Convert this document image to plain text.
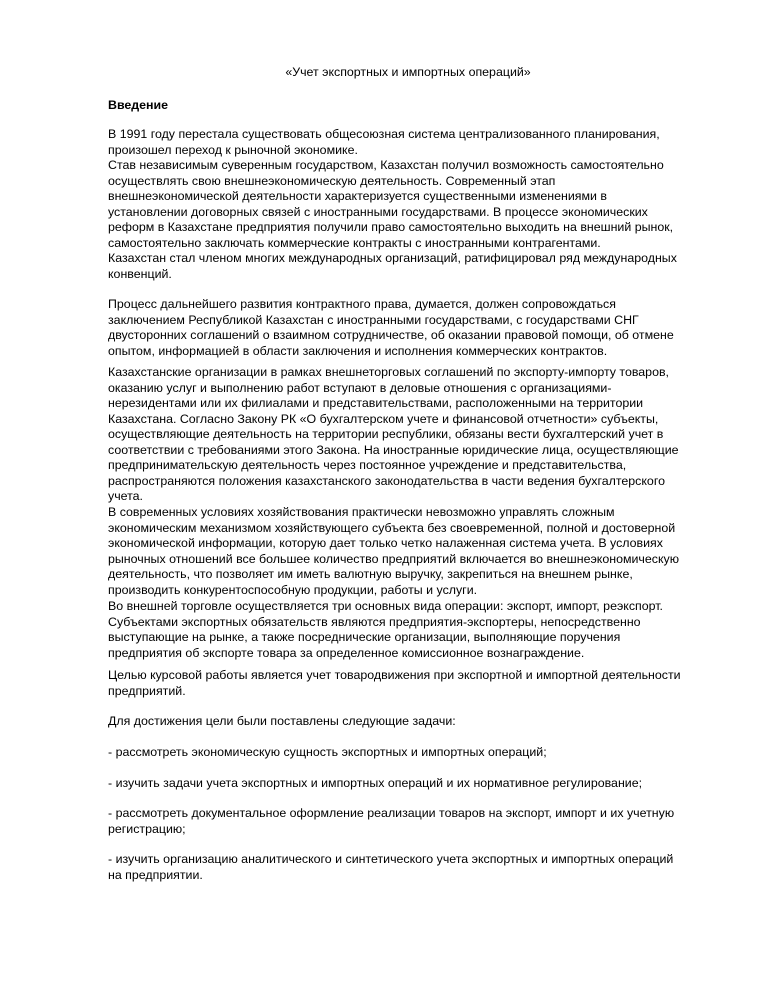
«Учет экспортных и импортных операций»
Введение

В 1991 году перестала существовать общесоюзная система централизованного планирования,
произошел переход к рыночной экономике.
Став независимым суверенным государством, Казахстан получил возможность самостоятельно
осуществлять свою внешнеэкономическую деятельность. Современный этап
внешнеэкономической деятельности характеризуется существенными изменениями в
установлении договорных связей с иностранными государствами. В процессе экономических
реформ в Казахстане предприятия получили право самостоятельно выходить на внешний рынок,
самостоятельно заключать коммерческие контракты с иностранными контрагентами.

Казахстан стал членом многих международных организаций, ратифицировал ряд международных
конвенций.

Процесс дальнейшего развития контрактного права, думается, должен сопровождаться
заключением Республикой Казахстан с иностранными государствами, с государствами СНГ
двусторонних соглашений о взаимном сотрудничестве, об оказании правовой помощи, об отмене
опытом, информацией в области заключения и исполнения коммерческих контрактов.

Казахстанские организации в рамках внешнеторговых соглашений по экспорту-импорту товаров,
оказанию услуг и выполнению работ вступают в деловые отношения с организациями-
нерезидентами или их филиалами и представительствами, расположенными на территории
Казахстана. Согласно Закону РК «О бухгалтерском учете и финансовой отчетности» субъекты,
осуществляющие деятельность на территории республики, обязаны вести бухгалтерский учет в
соответствии с требованиями этого Закона. На иностранные юридические лица, осуществляющие
предпринимательскую деятельность через постоянное учреждение и представительства,
распространяются положения казахстанского законодательства в части ведения бухгалтерского
учета.

В современных условиях хозяйствования практически невозможно управлять сложным
экономическим механизмом хозяйствующего субъекта без своевременной, полной и достоверной
экономической информации, которую дает только четко налаженная система учета. В условиях
рыночных отношений все большее количество предприятий включается во внешнеэкономическую
деятельность, что позволяет им иметь валютную выручку, закрепиться на внешнем рынке,
производить конкурентоспособную продукции, работы и услуги.

Во внешней торговле осуществляется три основных вида операции: экспорт, импорт, реэкспорт.
Субъектами экспортных обязательств являются предприятия-экспортеры, непосредственно
выступающие на рынке, а также посреднические организации, выполняющие поручения
предприятия об экспорте товара за определенное комиссионное вознаграждение.

Целью курсовой работы является учет товародвижения при экспортной и импортной деятельности
предприятий.

Для достижения цели были поставлены следующие задачи:

- рассмотреть экономическую сущность экспортных и импортных операций;

- изучить задачи учета экспортных и импортных операций и их нормативное регулирование;

- рассмотреть документальное оформление реализации товаров на экспорт, импорт и их учетную
регистрацию;

- изучить организацию аналитического и синтетического учета экспортных и импортных операций
на предприятии.
